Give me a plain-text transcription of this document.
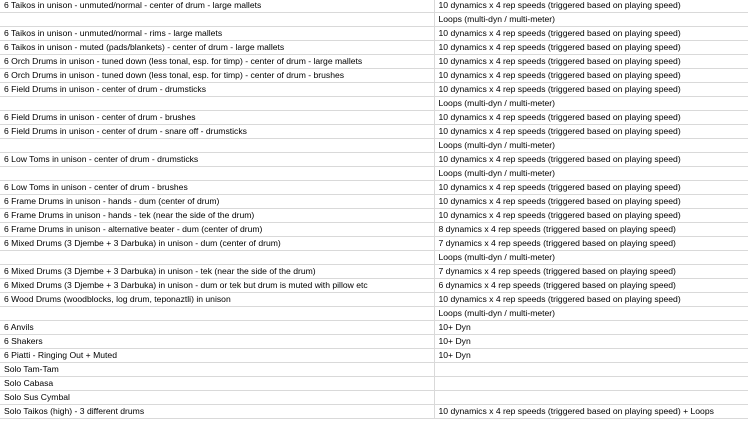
6 Taikos in unison - unmuted/normal - center of drum - large mallets	10 dynamics x 4 rep speeds (triggered based on playing speed)
	Loops (multi-dyn / multi-meter)
6 Taikos in unison - unmuted/normal - rims - large mallets	10 dynamics x 4 rep speeds (triggered based on playing speed)
6 Taikos in unison - muted (pads/blankets) - center of drum - large mallets	10 dynamics x 4 rep speeds (triggered based on playing speed)
6 Orch Drums in unison - tuned down (less tonal, esp. for timp) - center of drum - large mallets	10 dynamics x 4 rep speeds (triggered based on playing speed)
6 Orch Drums in unison - tuned down (less tonal, esp. for timp) - center of drum - brushes	10 dynamics x 4 rep speeds (triggered based on playing speed)
6 Field Drums in unison - center of drum - drumsticks	10 dynamics x 4 rep speeds (triggered based on playing speed)
	Loops (multi-dyn / multi-meter)
6 Field Drums in unison - center of drum - brushes	10 dynamics x 4 rep speeds (triggered based on playing speed)
6 Field Drums in unison - center of drum - snare off - drumsticks	10 dynamics x 4 rep speeds (triggered based on playing speed)
	Loops (multi-dyn / multi-meter)
6 Low Toms in unison - center of drum - drumsticks	10 dynamics x 4 rep speeds (triggered based on playing speed)
	Loops (multi-dyn / multi-meter)
6 Low Toms in unison - center of drum - brushes	10 dynamics x 4 rep speeds (triggered based on playing speed)
6 Frame Drums in unison - hands - dum (center of drum)	10 dynamics x 4 rep speeds (triggered based on playing speed)
6 Frame Drums in unison - hands - tek (near the side of the drum)	10 dynamics x 4 rep speeds (triggered based on playing speed)
6 Frame Drums in unison - alternative beater - dum (center of drum)	8 dynamics x 4 rep speeds (triggered based on playing speed)
6 Mixed Drums (3 Djembe + 3 Darbuka) in unison - dum (center of drum)	7 dynamics x 4 rep speeds (triggered based on playing speed)
	Loops (multi-dyn / multi-meter)
6 Mixed Drums (3 Djembe + 3 Darbuka) in unison - tek (near the side of the drum)	7 dynamics x 4 rep speeds (triggered based on playing speed)
6 Mixed Drums (3 Djembe + 3 Darbuka) in unison - dum or tek but drum is muted with pillow etc	6 dynamics x 4 rep speeds (triggered based on playing speed)
6 Wood Drums (woodblocks, log drum, teponaztli) in unison	10 dynamics x 4 rep speeds (triggered based on playing speed)
	Loops (multi-dyn / multi-meter)
6 Anvils	10+ Dyn
6 Shakers	10+ Dyn
6 Piatti - Ringing Out + Muted	10+ Dyn
Solo Tam-Tam	
Solo Cabasa	
Solo Sus Cymbal	
Solo Taikos (high) - 3 different drums	10 dynamics x 4 rep speeds (triggered based on playing speed) + Loops
